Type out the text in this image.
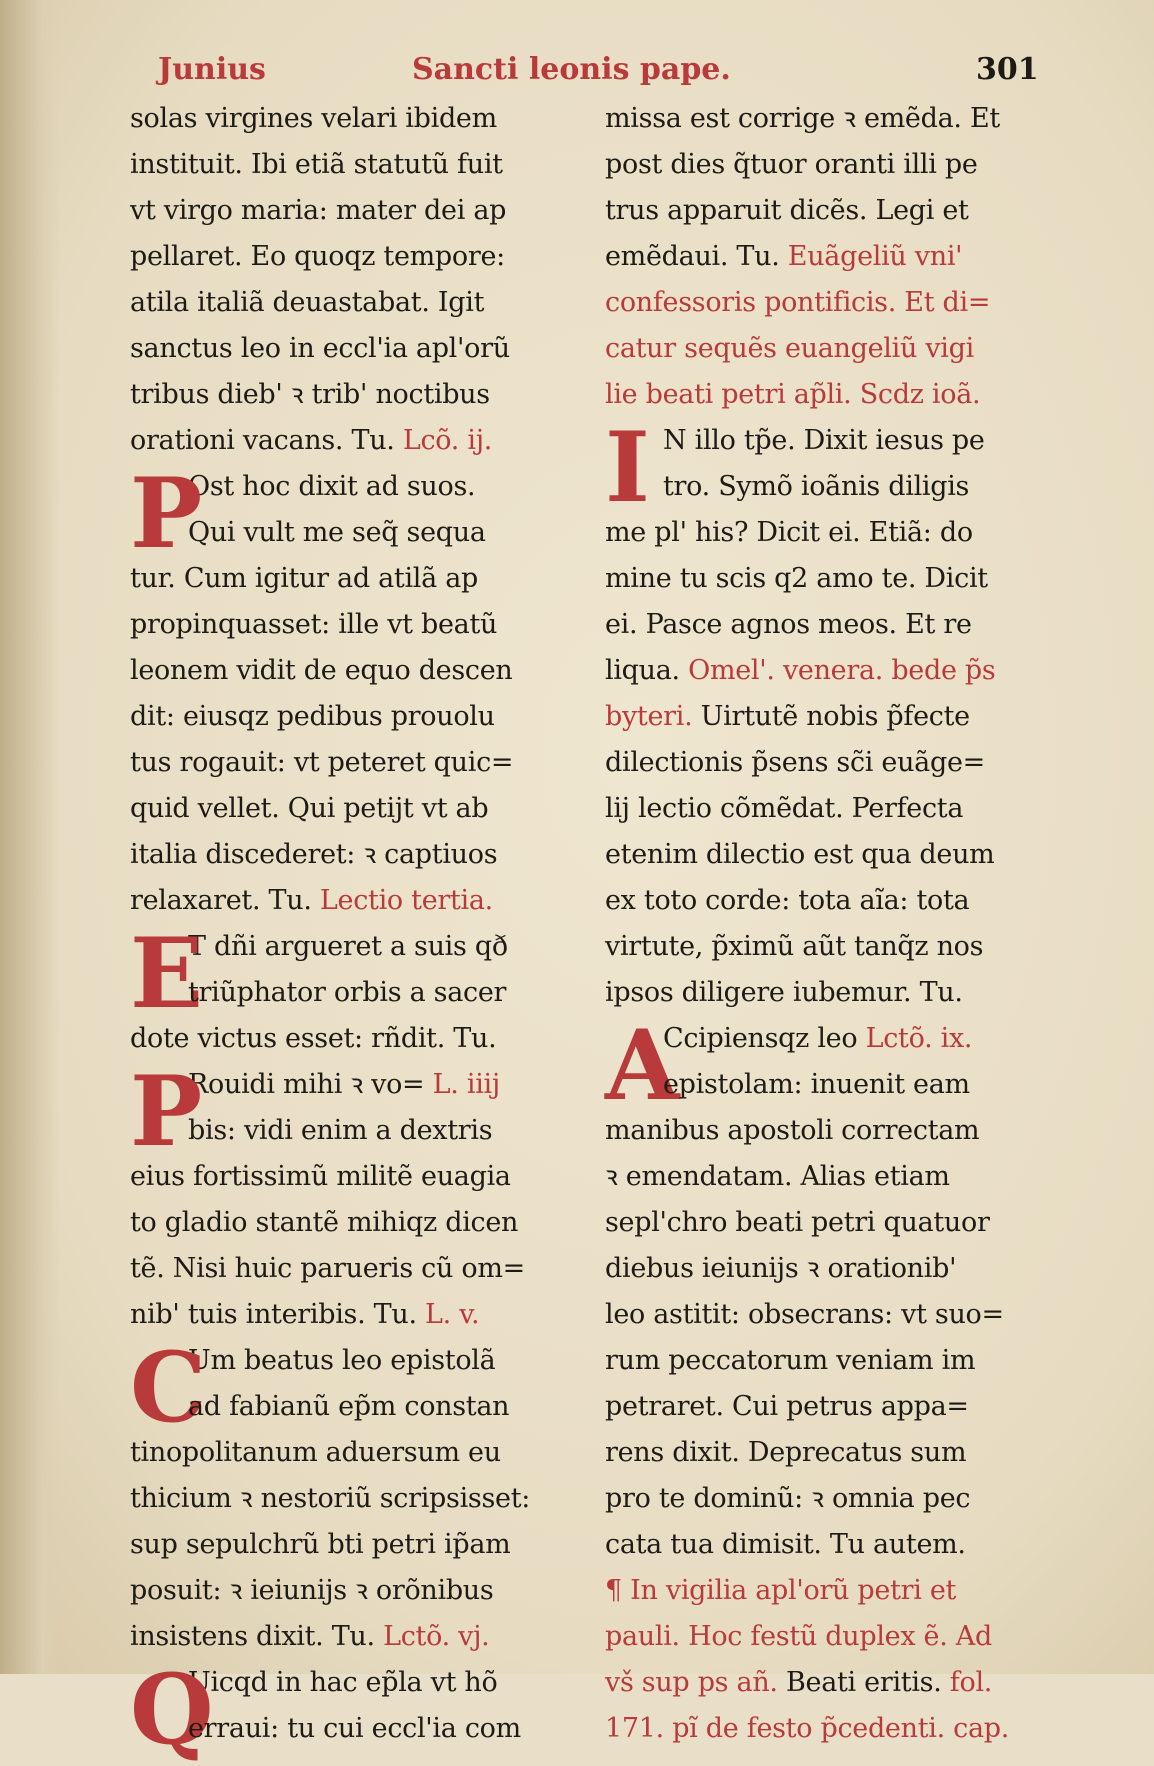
Junius	Sancti leonis pape.	301
solas virgines velari ibidem
instituit. Ibi etiã statutũ fuit
vt virgo maria: mater dei ap
pellaret. Eo quoqz tempore:
atila italiã deuastabat. Igit
sanctus leo in eccl'ia apl'orũ
tribus dieb' ꝛ trib' noctibus
orationi vacans. Tu. Lcõ. ij.
P
Ost hoc dixit ad suos.
Qui vult me seq̃ sequa
tur. Cum igitur ad atilã ap
propinquasset: ille vt beatũ
leonem vidit de equo descen
dit: eiusqz pedibus prouolu
tus rogauit: vt peteret quic=
quid vellet. Qui petijt vt ab
italia discederet: ꝛ captiuos
relaxaret. Tu. Lectio tertia.
E
T dñi argueret a suis qð
triũphator orbis a sacer
dote victus esset: rñdit. Tu.
P
Rouidi mihi ꝛ vo= L. iiij
bis: vidi enim a dextris
eius fortissimũ militẽ euagia
to gladio stantẽ mihiqz dicen
tẽ. Nisi huic parueris cũ om=
nib' tuis interibis. Tu. L. v.
C
Um beatus leo epistolã
ad fabianũ ep̃m constan
tinopolitanum aduersum eu
thicium ꝛ nestoriũ scripsisset:
sup sepulchrũ bti petri ip̃am
posuit: ꝛ ieiunijs ꝛ orõnibus
insistens dixit. Tu. Lctõ. vj.
Q
Uicqd in hac ep̃la vt hõ
erraui: tu cui eccl'ia com
missa est corrige ꝛ emẽda. Et
post dies q̃tuor oranti illi pe
trus apparuit dicẽs. Legi et
emẽdaui. Tu. Euãgeliũ vni'
confessoris pontificis. Et di=
catur sequẽs euangeliũ vigi
lie beati petri ap̃li. Scdz ioã.
I N illo tp̃e. Dixit iesus pe
tro. Symõ ioãnis diligis
me pl' his? Dicit ei. Etiã: do
mine tu scis q2 amo te. Dicit
ei. Pasce agnos meos. Et re
liqua. Omel'. venera. bede p̃s
byteri. Uirtutẽ nobis p̃fecte
dilectionis p̃sens sc̃i euãge=
lij lectio cõmẽdat. Perfecta
etenim dilectio est qua deum
ex toto corde: tota aĩa: tota
virtute, p̃ximũ aũt tanq̃z nos
ipsos diligere iubemur. Tu.
A
Ccipiensqz leo Lctõ. ix.
epistolam: inuenit eam
manibus apostoli correctam
ꝛ emendatam. Alias etiam
sepl'chro beati petri quatuor
diebus ieiunijs ꝛ orationib'
leo astitit: obsecrans: vt suo=
rum peccatorum veniam im
petraret. Cui petrus appa=
rens dixit. Deprecatus sum
pro te dominũ: ꝛ omnia pec
cata tua dimisit. Tu autem.
¶ In vigilia apl'orũ petri et
pauli. Hoc festũ duplex ẽ. Ad
vš sup ps añ. Beati eritis. fol.
171. pĩ de festo p̃cedenti. cap.
